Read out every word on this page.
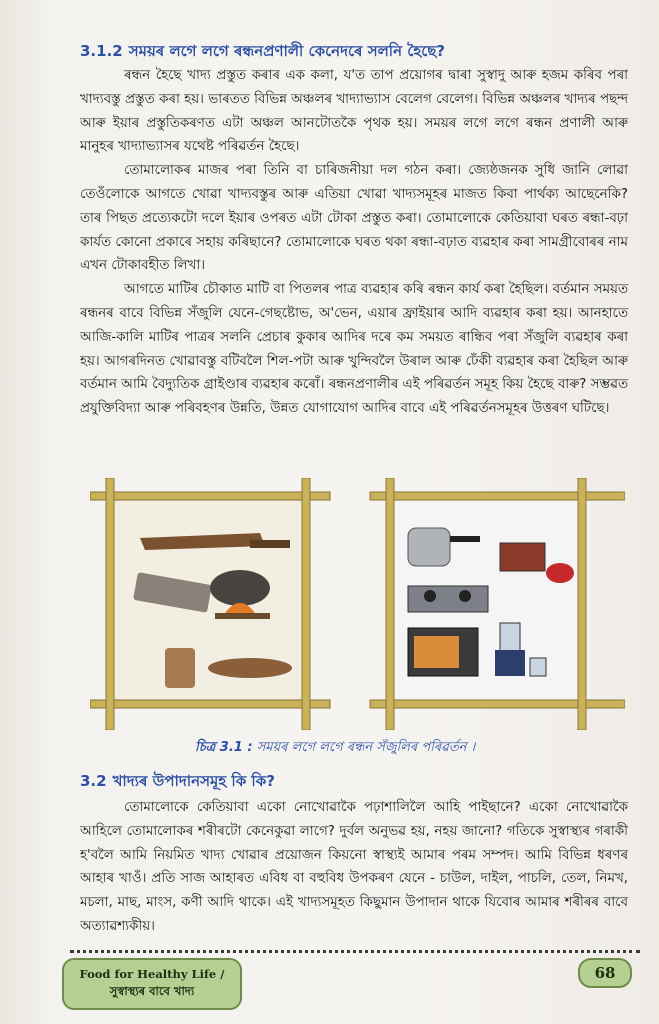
3.1.2 সময়ৰ লগে লগে ৰন্ধনপ্ৰণালী কেনেদৰে সলনি হৈছে?

ৰন্ধন হৈছে খাদ্য প্ৰস্তুত কৰাৰ এক কলা, য'ত তাপ প্ৰয়োগৰ দ্বাৰা সুস্বাদু আৰু হজম কৰিব পৰা খাদ্যবস্তু প্ৰস্তুত কৰা হয়। ভাৰতত বিভিন্ন অঞ্চলৰ খাদ্যাভ্যাস বেলেগ বেলেগ। বিভিন্ন অঞ্চলৰ খাদ্যৰ পছন্দ আৰু ইয়াৰ প্ৰস্তুতিকৰণত এটা অঞ্চল আনটোতকৈ পৃথক হয়। সময়ৰ লগে লগে ৰন্ধন প্ৰণালী আৰু মানুহৰ খাদ্যাভ্যাসৰ যথেষ্ট পৰিৱৰ্তন হৈছে।

তোমালোকৰ মাজৰ পৰা তিনি বা চাৰিজনীয়া দল গঠন কৰা। জ্যেষ্ঠজনক সুধি জানি লোৱা তেওঁলোকে আগতে খোৱা খাদ্যবস্তুৰ আৰু এতিয়া খোৱা খাদ্যসমূহৰ মাজত কিবা পাৰ্থক্য আছেনেকি? তাৰ পিছত প্ৰত্যেকটো দলে ইয়াৰ ওপৰত এটা টোকা প্ৰস্তুত কৰা। তোমালোকে কেতিয়াবা ঘৰত ৰন্ধা-বঢ়া কাৰ্যত কোনো প্ৰকাৰে সহায় কৰিছানে? তোমালোকে ঘৰত থকা ৰন্ধা-বঢ়াত ব্যৱহাৰ কৰা সামগ্ৰীবোৰৰ নাম এখন টোকাবহীত লিখা।

আগতে মাটিৰ চৌকাত মাটি বা পিতলৰ পাত্ৰ ব্যৱহাৰ কৰি ৰন্ধন কাৰ্য কৰা হৈছিল। বৰ্তমান সময়ত ৰন্ধনৰ বাবে বিভিন্ন সঁজুলি যেনে-গেছষ্টোভ, অ'ভেন, এয়াৰ ফ্ৰাইয়াৰ আদি ব্যৱহাৰ কৰা হয়। আনহাতে আজি-কালি মাটিৰ পাত্ৰৰ সলনি প্ৰেচাৰ কুকাৰ আদিৰ দৰে কম সময়ত ৰান্ধিব পৰা সঁজুলি ব্যৱহাৰ কৰা হয়। আগৰদিনত খোৱাবস্তু বটিবলৈ শিল-পটা আৰু খুন্দিবলৈ উৰাল আৰু ঢেঁকী ব্যৱহাৰ কৰা হৈছিল আৰু বৰ্তমান আমি বৈদ্যুতিক গ্ৰাইণ্ডাৰ ব্যৱহাৰ কৰোঁ। ৰন্ধনপ্ৰণালীৰ এই পৰিৱৰ্তন সমূহ কিয় হৈছে বাৰু? সম্ভৱত প্ৰযুক্তিবিদ্যা আৰু পৰিবহণৰ উন্নতি, উন্নত যোগাযোগ আদিৰ বাবে এই পৰিৱৰ্তনসমূহৰ উত্তৰণ ঘটিছে।

চিত্ৰ 3.1 : সময়ৰ লগে লগে ৰন্ধন সঁজুলিৰ পৰিৱৰ্তন ।
3.2 খাদ্যৰ উপাদানসমূহ কি কি?

তোমালোকে কেতিয়াবা একো নোখোৱাকৈ পঢ়াশালিলৈ আহি পাইছানে? একো নোখোৱাকৈ আহিলে তোমালোকৰ শৰীৰটো কেনেকুৱা লাগে? দুৰ্বল অনুভৱ হয়, নহয় জানো? গতিকে সুস্বাস্থ্যৰ গৰাকী হ'বলৈ আমি নিয়মিত খাদ্য খোৱাৰ প্ৰয়োজন কিয়নো স্বাস্থ্যই আমাৰ পৰম সম্পদ। আমি বিভিন্ন ধৰণৰ আহাৰ খাওঁ। প্ৰতি সাজ আহাৰত এবিধ বা বহুবিধ উপকৰণ যেনে - চাউল, দাইল, পাচলি, তেল, নিমখ, মচলা, মাছ, মাংস, কণী আদি থাকে। এই খাদ্যসমূহত কিছুমান উপাদান থাকে যিবোৰ আমাৰ শৰীৰৰ বাবে অত্যাৱশ্যকীয়।

Food for Healthy Life /
সুস্বাস্থ্যৰ বাবে খাদ্য
68
